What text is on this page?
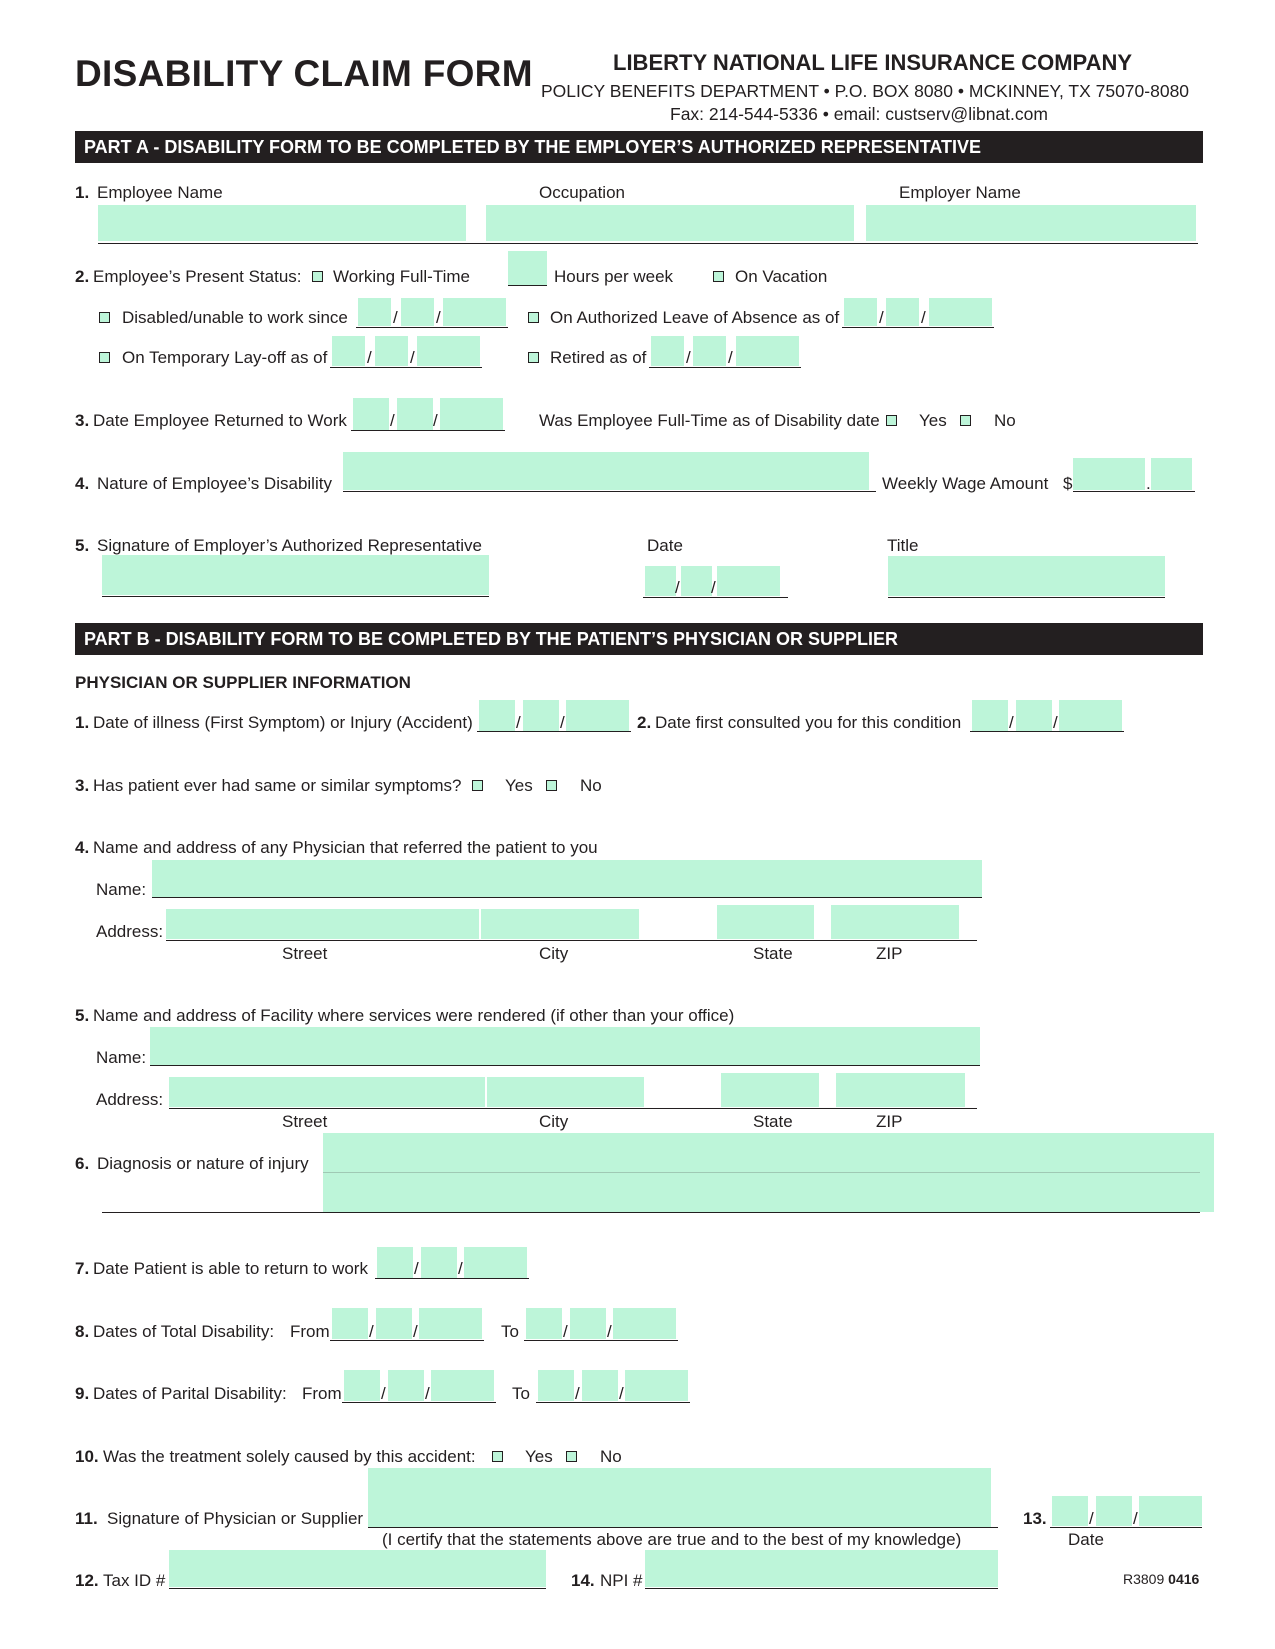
DISABILITY CLAIM FORM	LIBERTY NATIONAL LIFE INSURANCE COMPANY
POLICY BENEFITS DEPARTMENT • P.O. BOX 8080 • MCKINNEY, TX 75070-8080
Fax: 214-544-5336 • email: custserv@libnat.com
PART A - DISABILITY FORM TO BE COMPLETED BY THE EMPLOYER’S AUTHORIZED REPRESENTATIVE
1. Employee Name	Occupation	Employer Name
2. Employee’s Present Status: Working Full-Time	Hours per week	On Vacation
Disabled/unable to work since	/ /	On Authorized Leave of Absence as of / /
On Temporary Lay-off as of / /	Retired as of / /
3. Date Employee Returned to Work	/ /	Was Employee Full-Time as of Disability date Yes	No
4. Nature of Employee’s Disability	Weekly Wage Amount $	.
5. Signature of Employer’s Authorized Representative	Date	Title
/ /
PART B - DISABILITY FORM TO BE COMPLETED BY THE PATIENT’S PHYSICIAN OR SUPPLIER
PHYSICIAN OR SUPPLIER INFORMATION
1. Date of illness (First Symptom) or Injury (Accident)	/ /	2. Date first consulted you for this condition	/ /
3. Has patient ever had same or similar symptoms?	Yes	No
4. Name and address of any Physician that referred the patient to you
Name:
Address:
Street	City	State	ZIP
5. Name and address of Facility where services were rendered (if other than your office)
Name:
Address:
Street	City	State	ZIP
6. Diagnosis or nature of injury
7. Date Patient is able to return to work	/ /
8. Dates of Total Disability: From / /	To	/ /
9. Dates of Parital Disability: From / /	To	/ /
10. Was the treatment solely caused by this accident:	Yes	No
11. Signature of Physician or Supplier
(I certify that the statements above are true and to the best of my knowledge)
13. / /
Date
12. Tax ID #	14. NPI #	R3809 0416
